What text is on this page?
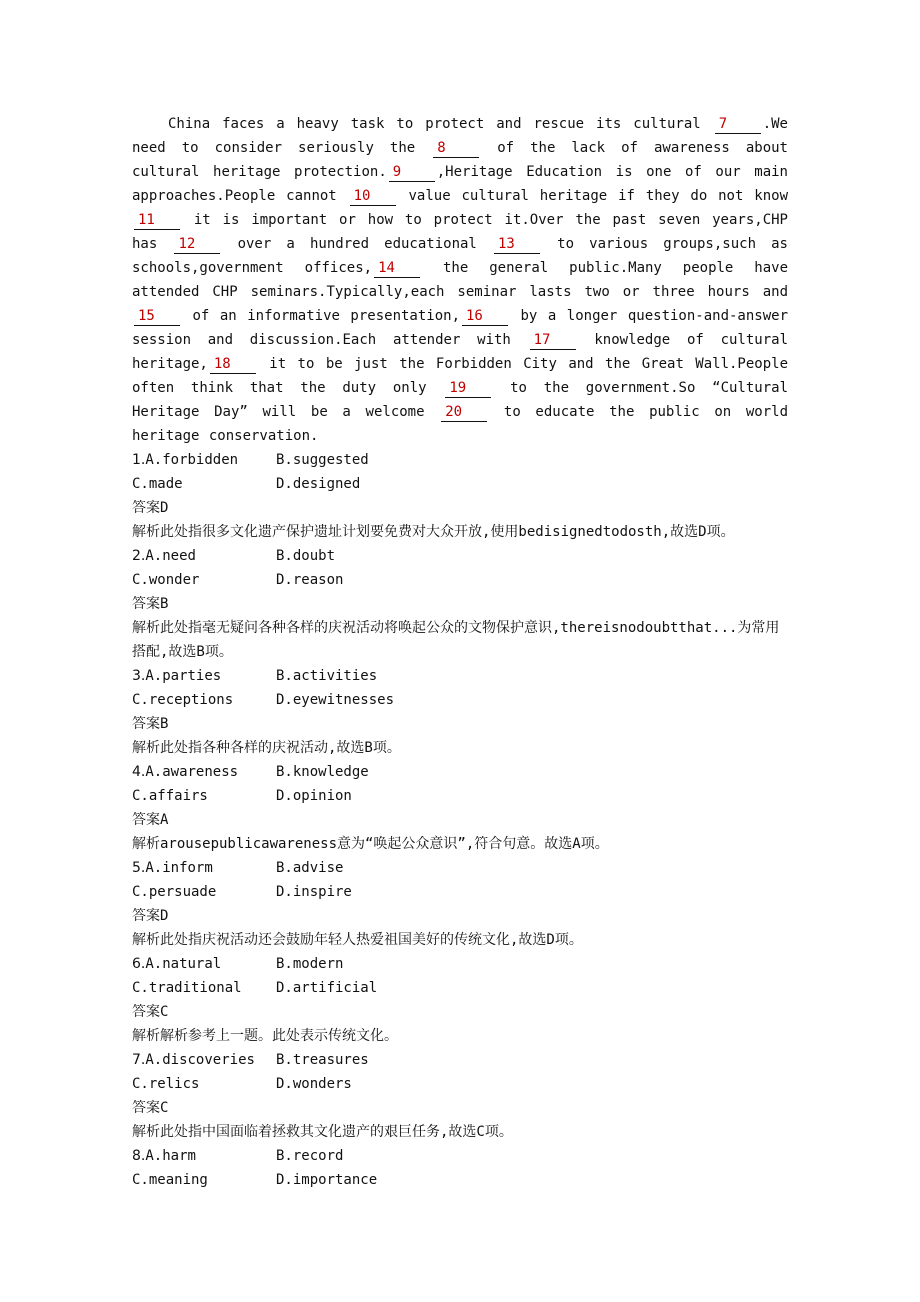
China faces a heavy task to protect and rescue its cultural 7	.We need to consider seriously the 8	of the lack of awareness about cultural heritage protection. 9	,Heritage Education is one of our main approaches.People cannot 10 value cultural heritage if they do not know 11 it is important or how to protect it.Over the past seven years,CHP has 12 over a hundred educational 13 to various groups,such as schools,government offices, 14 the general public.Many people have attended CHP seminars.Typically,each seminar lasts two or three hours and 15 of an informative presentation, 16 by a longer question-and-answer session and discussion.Each attender with 17 knowledge of cultural heritage, 18 it to be just the Forbidden City and the Great Wall.People often think that the duty only 19 to the government.So “Cultural Heritage Day” will be a welcome 20 to educate the public on world heritage conservation.

1.A.forbidden	B.suggested
C.made	D.designed
答案D

解析此处指很多文化遗产保护遗址计划要免费对大众开放,使用bedisignedtodosth,故选D项。

2.A.need	B.doubt
C.wonder	D.reason
答案B

解析此处指毫无疑问各种各样的庆祝活动将唤起公众的文物保护意识,thereisnodoubtthat...为常用搭配,故选B项。

3.A.parties	B.activities
C.receptions	D.eyewitnesses
答案B

解析此处指各种各样的庆祝活动,故选B项。

4.A.awareness	B.knowledge
C.affairs	D.opinion
答案A

解析arousepublicawareness意为“唤起公众意识”,符合句意。故选A项。

5.A.inform	B.advise
C.persuade	D.inspire
答案D

解析此处指庆祝活动还会鼓励年轻人热爱祖国美好的传统文化,故选D项。

6.A.natural	B.modern
C.traditional D.artificial
答案C

解析解析参考上一题。此处表示传统文化。

7.A.discoveries B.treasures
C.relics	D.wonders
答案C

解析此处指中国面临着拯救其文化遗产的艰巨任务,故选C项。

8.A.harm	B.record
C.meaning	D.importance
